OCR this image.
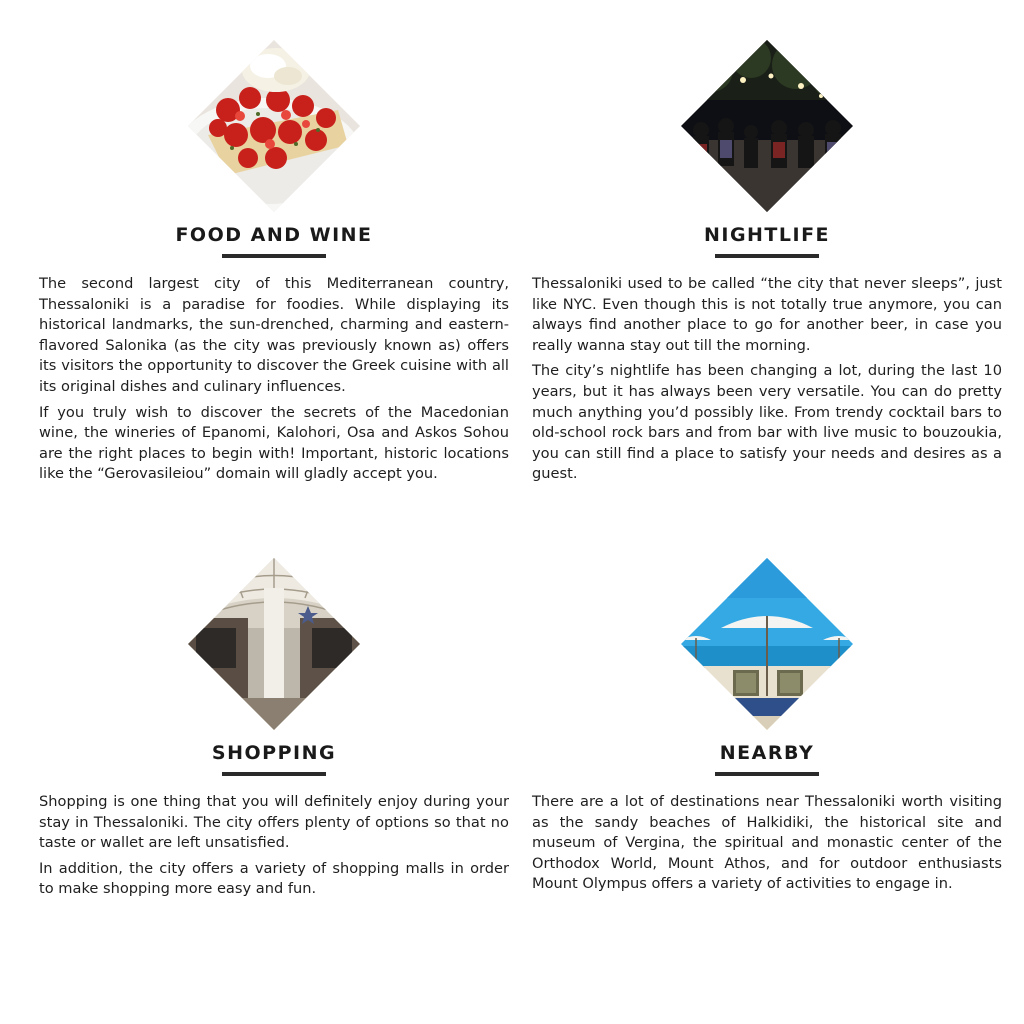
FOOD AND WINE

The second largest city of this Mediterranean country, Thessaloniki is a paradise for foodies. While displaying its historical landmarks, the sun-drenched, charming and eastern-flavored Salonika (as the city was previously known as) offers its visitors the opportunity to discover the Greek cuisine with all its original dishes and culinary influences.

If you truly wish to discover the secrets of the Macedonian wine, the wineries of Epanomi, Kalohori, Osa and Askos Sohou are the right places to begin with! Important, historic locations like the “Gerovasileiou” domain will gladly accept you.

NIGHTLIFE

Thessaloniki used to be called “the city that never sleeps”, just like NYC. Even though this is not totally true anymore, you can always find another place to go for another beer, in case you really wanna stay out till the morning.

The city’s nightlife has been changing a lot, during the last 10 years, but it has always been very versatile. You can do pretty much anything you’d possibly like. From trendy cocktail bars to old-school rock bars and from bar with live music to bouzoukia, you can still find a place to satisfy your needs and desires as a guest.

SHOPPING

Shopping is one thing that you will definitely enjoy during your stay in Thessaloniki. The city offers plenty of options so that no taste or wallet are left unsatisfied.

In addition, the city offers a variety of shopping malls in order to make shopping more easy and fun.

NEARBY

There are a lot of destinations near Thessaloniki worth visiting as the sandy beaches of Halkidiki, the historical site and museum of Vergina, the spiritual and monastic center of the Orthodox World, Mount Athos, and for outdoor enthusiasts Mount Olympus offers a variety of activities to engage in.
